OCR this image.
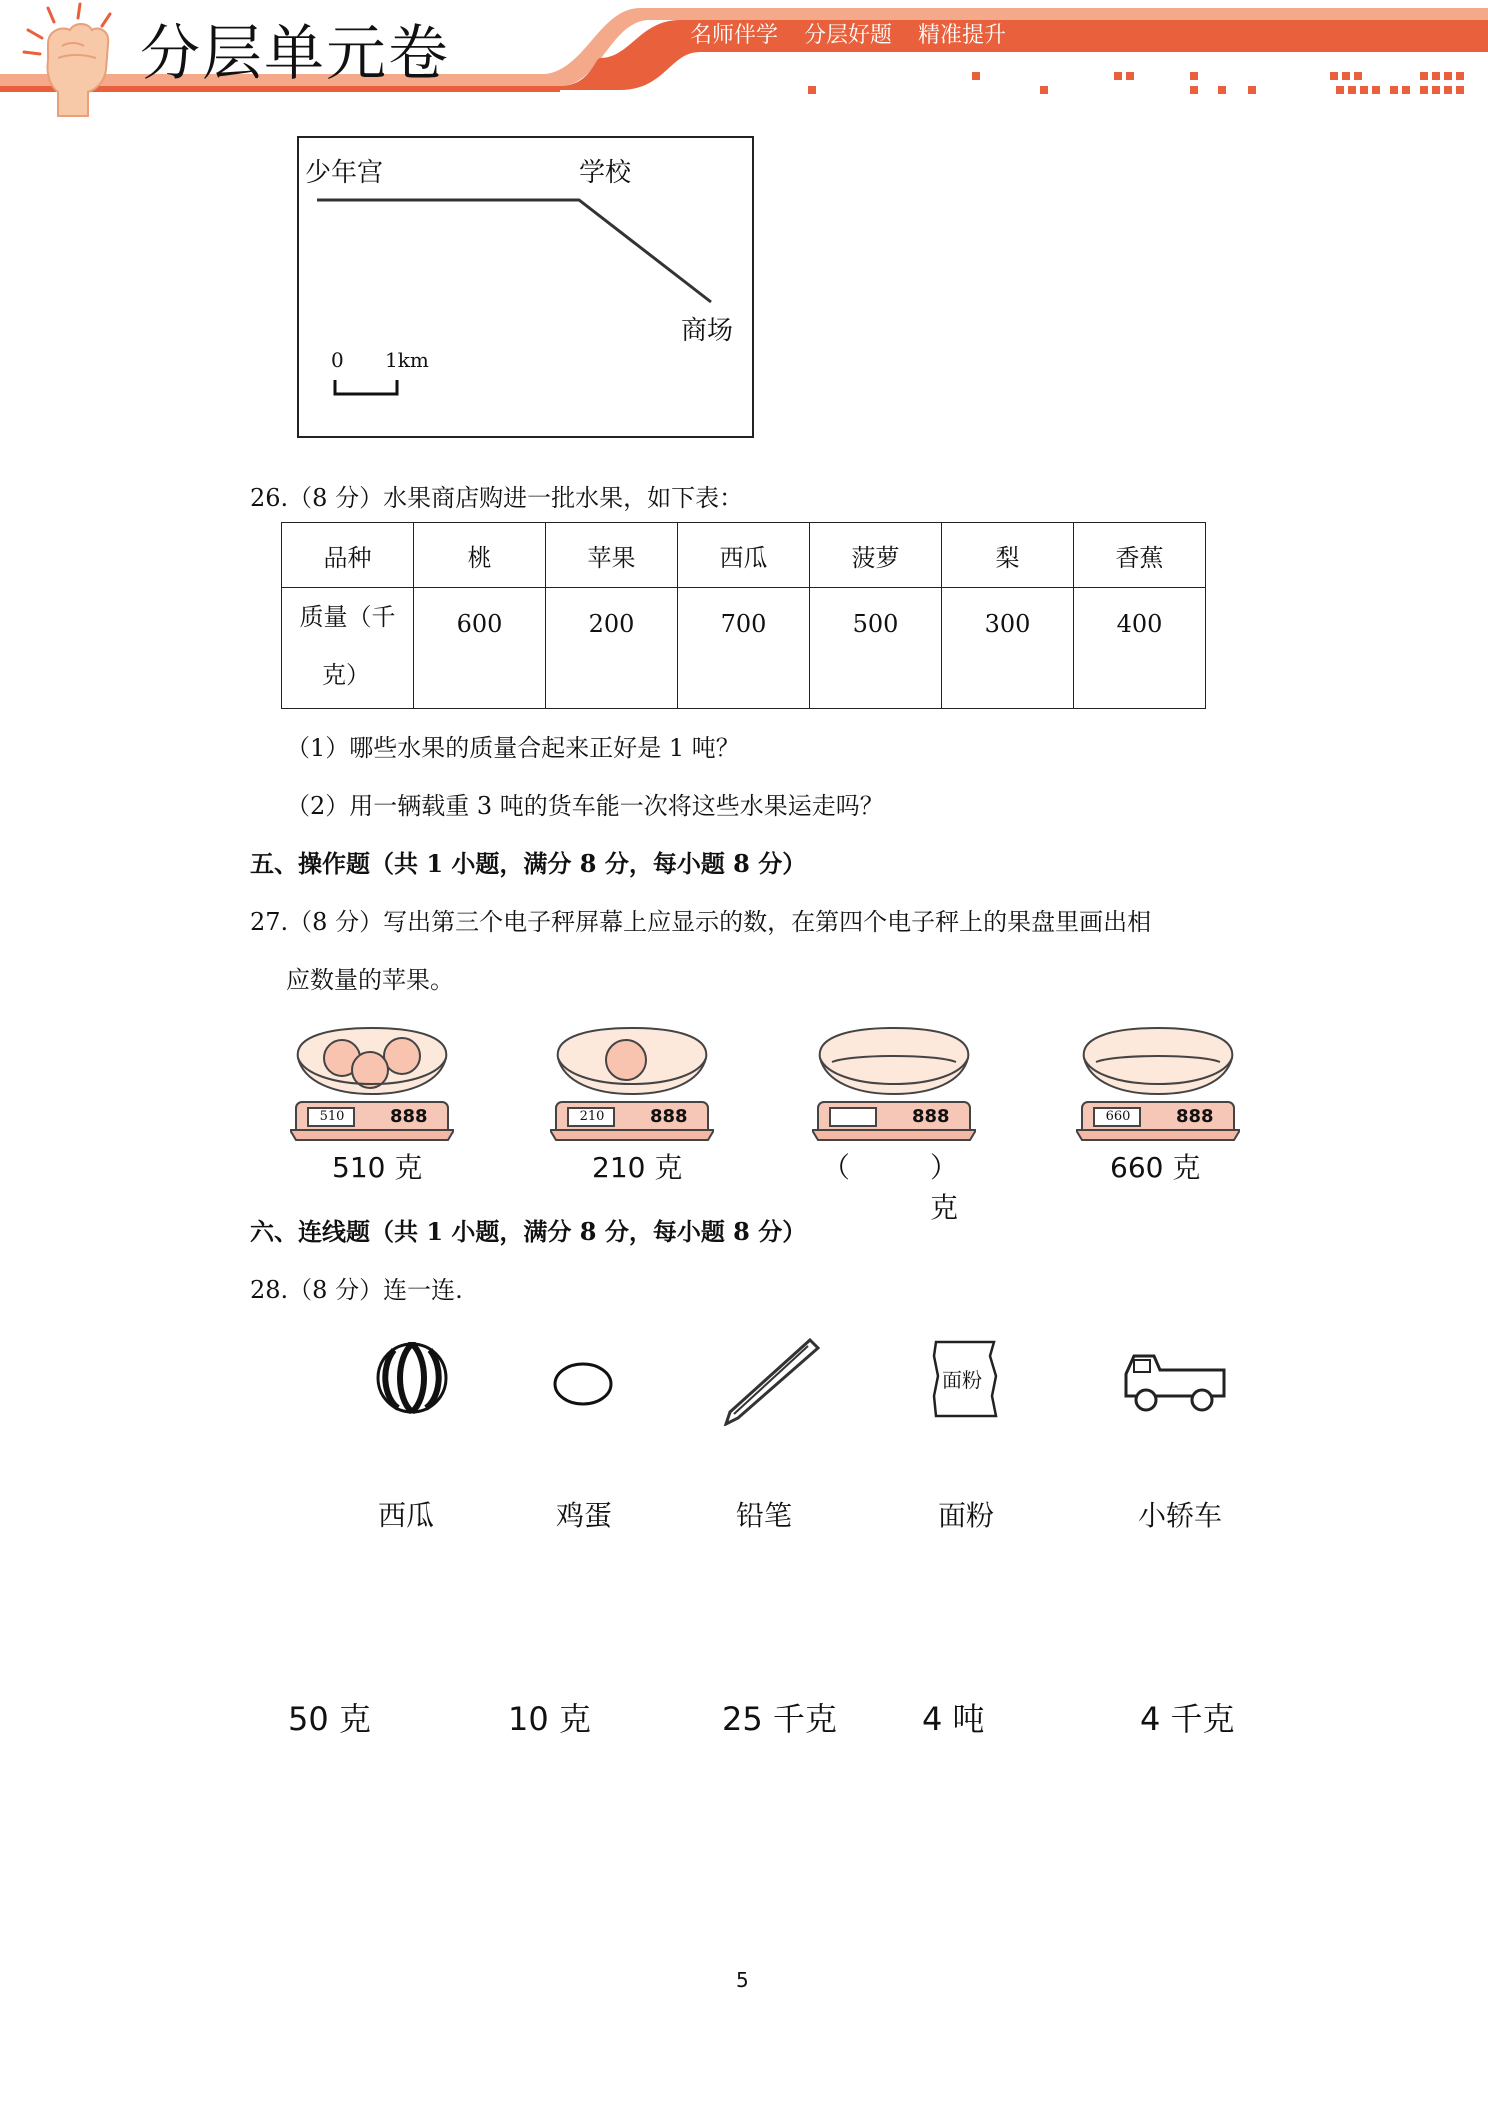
分层单元卷	名师伴学 分层好题 精准提升
少年宫	学校
商场
0 1km
26.（8 分）水果商店购进一批水果，如下表：
品种	桃	苹果	西瓜	菠萝	梨	香蕉

质量（千
克）	600	200	700	500	300	400
（1）哪些水果的质量合起来正好是 1 吨？
（2）用一辆载重 3 吨的货车能一次将这些水果运走吗？
五、操作题（共 1 小题，满分 8 分，每小题 8 分）
27.（8 分）写出第三个电子秤屏幕上应显示的数，在第四个电子秤上的果盘里画出相
应数量的苹果。
510	888
510 克
210	888
210 克
888
（	）克
660	888
660 克
六、连线题（共 1 小题，满分 8 分，每小题 8 分）
28.（8 分）连一连.
面粉
西瓜	鸡蛋	铅笔	面粉	小轿车
50 克	10 克	25 千克	4 吨	4 千克
5
